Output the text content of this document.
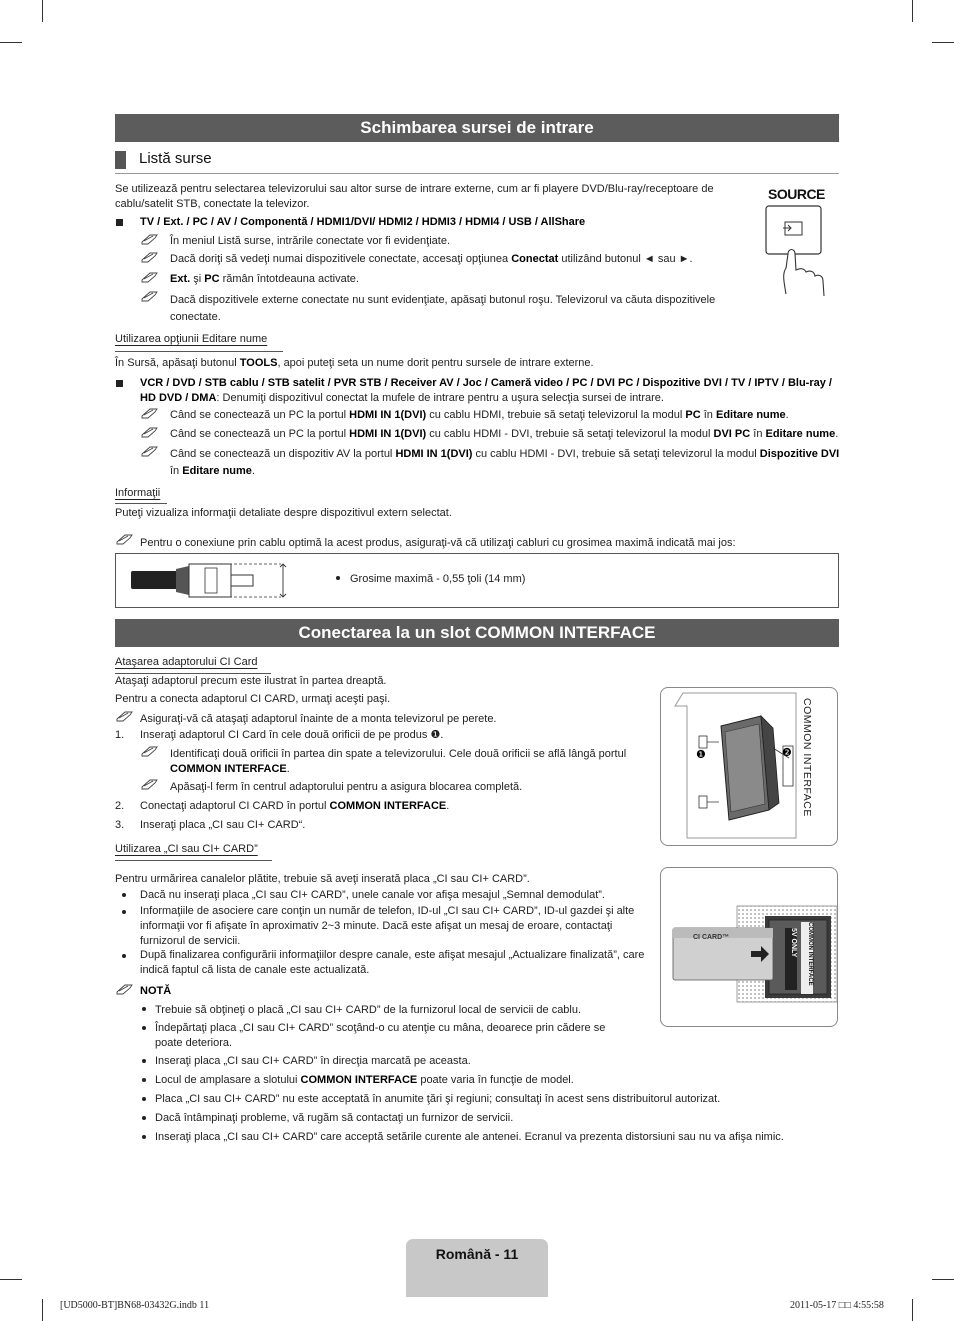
Schimbarea sursei de intrare
Listă surse
Se utilizează pentru selectarea televizorului sau altor surse de intrare externe, cum ar fi playere DVD/Blu-ray/receptoare de cablu/satelit STB, conectate la televizor.
SOURCE
TV / Ext. / PC / AV / Componentă / HDMI1/DVI/ HDMI2 / HDMI3 / HDMI4 / USB / AllShare
În meniul Listă surse, intrările conectate vor fi evidenţiate.
Dacă doriţi să vedeţi numai dispozitivele conectate, accesaţi opţiunea Conectat utilizând butonul ◄ sau ►.
Ext. şi PC rămân întotdeauna activate.
Dacă dispozitivele externe conectate nu sunt evidenţiate, apăsaţi butonul roşu. Televizorul va căuta dispozitivele conectate.
Utilizarea opţiunii Editare nume
În Sursă, apăsaţi butonul TOOLS, apoi puteţi seta un nume dorit pentru sursele de intrare externe.
VCR / DVD / STB cablu / STB satelit / PVR STB / Receiver AV / Joc / Cameră video / PC / DVI PC / Dispozitive DVI / TV / IPTV / Blu-ray / HD DVD / DMA: Denumiţi dispozitivul conectat la mufele de intrare pentru a uşura selecţia sursei de intrare.
Când se conectează un PC la portul HDMI IN 1(DVI) cu cablu HDMI, trebuie să setaţi televizorul la modul PC în Editare nume.
Când se conectează un PC la portul HDMI IN 1(DVI) cu cablu HDMI - DVI, trebuie să setaţi televizorul la modul DVI PC în Editare nume.
Când se conectează un dispozitiv AV la portul HDMI IN 1(DVI) cu cablu HDMI - DVI, trebuie să setaţi televizorul la modul Dispozitive DVI în Editare nume.
Informaţii
Puteţi vizualiza informaţii detaliate despre dispozitivul extern selectat.
Pentru o conexiune prin cablu optimă la acest produs, asiguraţi-vă că utilizaţi cabluri cu grosimea maximă indicată mai jos:
Grosime maximă - 0,55 ţoli (14 mm)
Conectarea la un slot COMMON INTERFACE
Ataşarea adaptorului CI Card
Ataşaţi adaptorul precum este ilustrat în partea dreaptă.
Pentru a conecta adaptorul CI CARD, urmaţi aceşti paşi.
Asiguraţi-vă că ataşaţi adaptorul înainte de a monta televizorul pe perete.
1. Inseraţi adaptorul CI Card în cele două orificii de pe produs ❶.
Identificaţi două orificii în partea din spate a televizorului. Cele două orificii se află lângă portul COMMON INTERFACE.
Apăsaţi-l ferm în centrul adaptorului pentru a asigura blocarea completă.
2. Conectaţi adaptorul CI CARD în portul COMMON INTERFACE.
3. Inseraţi placa „CI sau CI+ CARD“.
❶	❷ COMMON INTERFACE
Utilizarea „CI sau CI+ CARD”
Pentru urmărirea canalelor plătite, trebuie să aveţi inserată placa „CI sau CI+ CARD”.
Dacă nu inseraţi placa „CI sau CI+ CARD”, unele canale vor afişa mesajul „Semnal demodulat”.
Informaţiile de asociere care conţin un număr de telefon, ID-ul „CI sau CI+ CARD”, ID-ul gazdei şi alte informaţii vor fi afişate în aproximativ 2~3 minute. Dacă este afişat un mesaj de eroare, contactaţi furnizorul de servicii.
După finalizarea configurării informaţiilor despre canale, este afişat mesajul „Actualizare finalizată”, care indică faptul că lista de canale este actualizată.
NOTĂ
CI CARD™	5V ONLY	COMMON INTERFACE
Trebuie să obţineţi o placă „CI sau CI+ CARD” de la furnizorul local de servicii de cablu.
Îndepărtaţi placa „CI sau CI+ CARD” scoţând-o cu atenţie cu mâna, deoarece prin cădere se poate deteriora.
Inseraţi placa „CI sau CI+ CARD” în direcţia marcată pe aceasta.
Locul de amplasare a slotului COMMON INTERFACE poate varia în funcţie de model.
Placa „CI sau CI+ CARD” nu este acceptată în anumite ţări şi regiuni; consultaţi în acest sens distribuitorul autorizat.
Dacă întâmpinaţi probleme, vă rugăm să contactaţi un furnizor de servicii.
Inseraţi placa „CI sau CI+ CARD” care acceptă setările curente ale antenei. Ecranul va prezenta distorsiuni sau nu va afişa nimic.
Română - 11
[UD5000-BT]BN68-03432G.indb 11	2011-05-17 □□ 4:55:58
